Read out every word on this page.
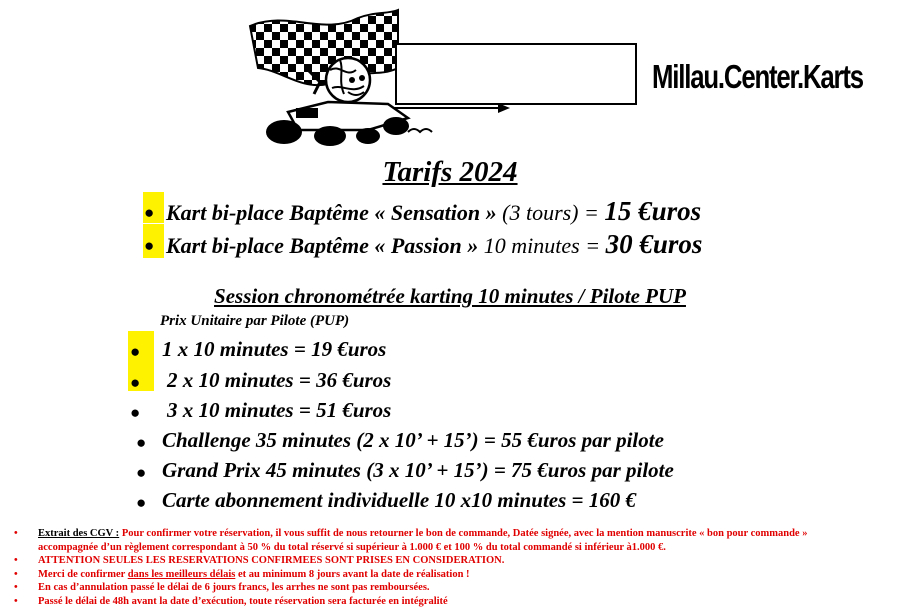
Millau.Center.Karts
Tarifs 2024
● Kart bi-place Baptême « Sensation » (3 tours) = 15 €uros
● Kart bi-place Baptême « Passion » 10 minutes = 30 €uros
Session chronométrée karting 10 minutes / Pilote PUP
Prix Unitaire par Pilote (PUP)
● 1 x 10 minutes = 19 €uros
● 2 x 10 minutes = 36 €uros
● 3 x 10 minutes = 51 €uros
● Challenge 35 minutes (2 x 10’ + 15’) = 55 €uros par pilote
● Grand Prix 45 minutes (3 x 10’ + 15’) = 75 €uros par pilote
● Carte abonnement individuelle 10 x10 minutes = 160 €
• Extrait des CGV : Pour confirmer votre réservation, il vous suffit de nous retourner le bon de commande, Datée signée, avec la mention manuscrite « bon pour commande »
accompagnée d’un règlement correspondant à 50 % du total réservé si supérieur à 1.000 € et 100 % du total commandé si inférieur à1.000 €.
• ATTENTION SEULES LES RESERVATIONS CONFIRMEES SONT PRISES EN CONSIDERATION.
• Merci de confirmer dans les meilleurs délais et au minimum 8 jours avant la date de réalisation !
• En cas d’annulation passé le délai de 6 jours francs, les arrhes ne sont pas remboursées.
• Passé le délai de 48h avant la date d’exécution, toute réservation sera facturée en intégralité
